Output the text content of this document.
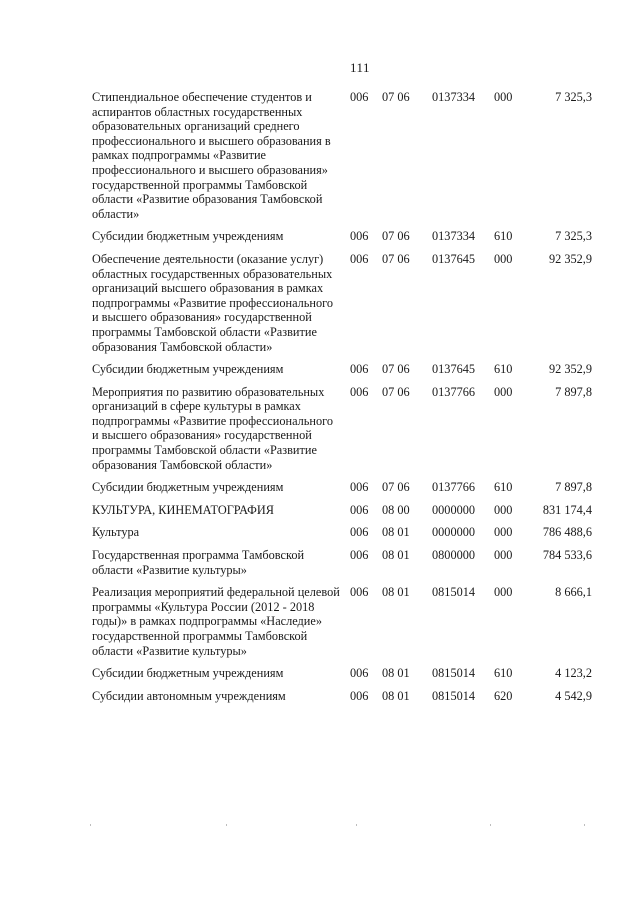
111
Стипендиальное обеспечение студентов и аспирантов областных государственных образовательных организаций среднего профессионального и высшего образования в рамках подпрограммы «Развитие профессионального и высшего образования» государственной программы Тамбовской области «Развитие образования Тамбовской области»	006	07 06	0137334	000	7 325,3

Субсидии бюджетным учреждениям	006	07 06	0137334	610	7 325,3

Обеспечение деятельности (оказание услуг) областных государственных образовательных организаций высшего образования в рамках подпрограммы «Развитие профессионального и высшего образования» государственной программы Тамбовской области «Развитие образования Тамбовской области»	006	07 06	0137645	000	92 352,9

Субсидии бюджетным учреждениям	006	07 06	0137645	610	92 352,9

Мероприятия по развитию образовательных организаций в сфере культуры в рамках подпрограммы «Развитие профессионального и высшего образования» государственной программы Тамбовской области «Развитие образования Тамбовской области»	006	07 06	0137766	000	7 897,8

Субсидии бюджетным учреждениям	006	07 06	0137766	610	7 897,8

КУЛЬТУРА, КИНЕМАТОГРАФИЯ	006	08 00	0000000	000	831 174,4

Культура	006	08 01	0000000	000	786 488,6

Государственная программа Тамбовской области «Развитие культуры»	006	08 01	0800000	000	784 533,6

Реализация мероприятий федеральной целевой программы «Культура России (2012 - 2018 годы)» в рамках подпрограммы «Наследие» государственной программы Тамбовской области «Развитие культуры»	006	08 01	0815014	000	8 666,1

Субсидии бюджетным учреждениям	006	08 01	0815014	610	4 123,2

Субсидии автономным учреждениям	006	08 01	0815014	620	4 542,9
